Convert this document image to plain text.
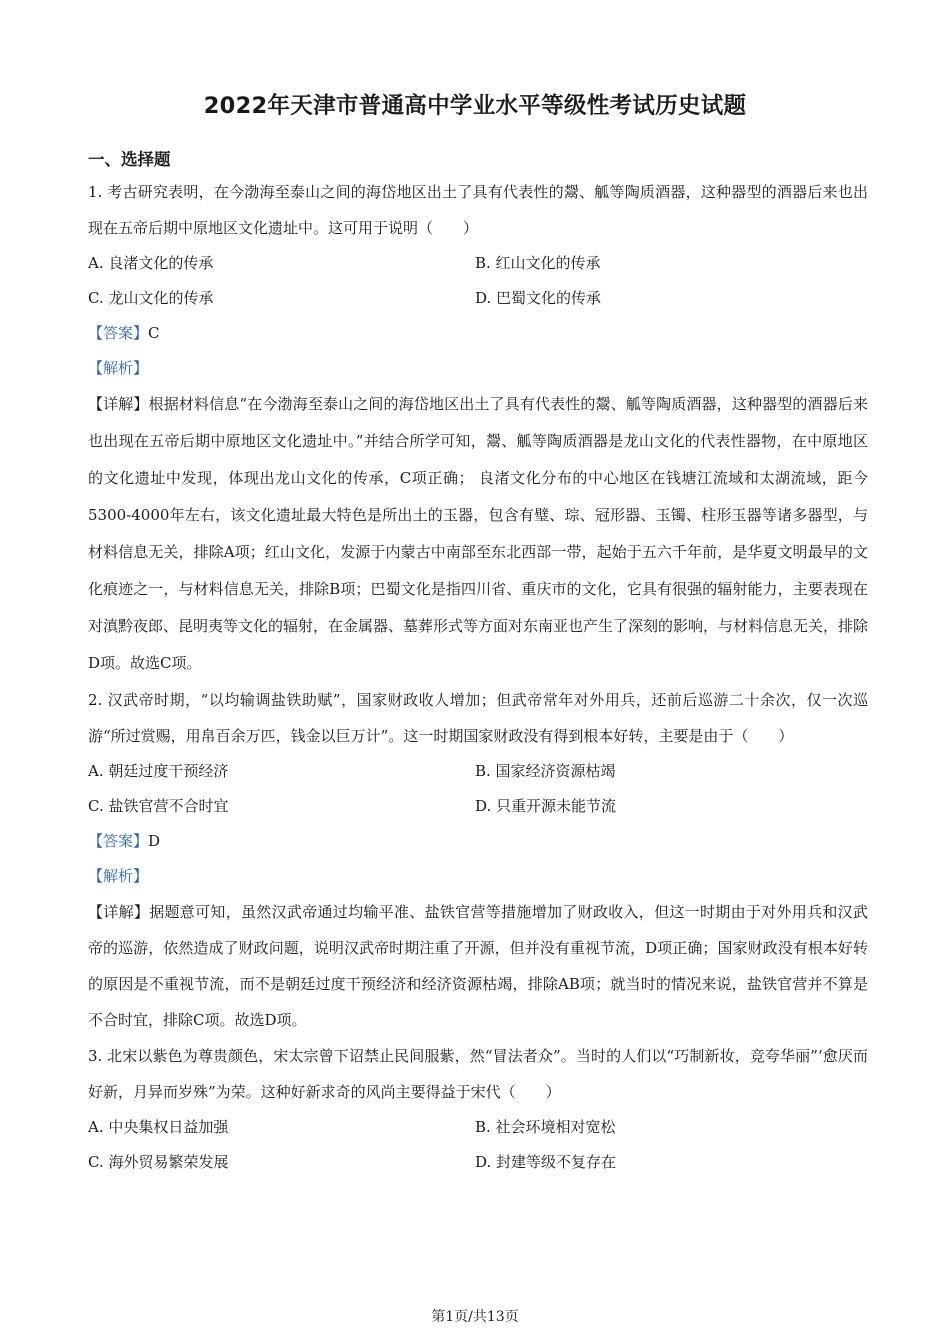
2022年天津市普通高中学业水平等级性考试历史试题
一、选择题

1. 考古研究表明，在今渤海至泰山之间的海岱地区出土了具有代表性的鬶、觚等陶质酒器，这种器型的酒器后来也出现在五帝后期中原地区文化遗址中。这可用于说明（　　）

A. 良渚文化的传承	B. 红山文化的传承
C. 龙山文化的传承	D. 巴蜀文化的传承
【答案】C
【解析】

【详解】根据材料信息“在今渤海至泰山之间的海岱地区出土了具有代表性的鬶、觚等陶质酒器，这种器型的酒器后来也出现在五帝后期中原地区文化遗址中。”并结合所学可知，鬶、觚等陶质酒器是龙山文化的代表性器物，在中原地区的文化遗址中发现，体现出龙山文化的传承，C项正确； 良渚文化分布的中心地区在钱塘江流域和太湖流域，距今5300-4000年左右，该文化遗址最大特色是所出土的玉器，包含有璧、琮、冠形器、玉镯、柱形玉器等诸多器型，与材料信息无关，排除A项；红山文化，发源于内蒙古中南部至东北西部一带，起始于五六千年前，是华夏文明最早的文化痕迹之一，与材料信息无关，排除B项；巴蜀文化是指四川省、重庆市的文化，它具有很强的辐射能力，主要表现在对滇黔夜郎、昆明夷等文化的辐射，在金属器、墓葬形式等方面对东南亚也产生了深刻的影响，与材料信息无关，排除D项。故选C项。

2. 汉武帝时期，“以均输调盐铁助赋”，国家财政收人增加；但武帝常年对外用兵，还前后巡游二十余次，仅一次巡游“所过赏赐，用帛百余万匹，钱金以巨万计”。这一时期国家财政没有得到根本好转，主要是由于（　　）

A. 朝廷过度干预经济	B. 国家经济资源枯竭
C. 盐铁官营不合时宜	D. 只重开源未能节流
【答案】D
【解析】

【详解】据题意可知，虽然汉武帝通过均输平准、盐铁官营等措施增加了财政收入，但这一时期由于对外用兵和汉武帝的巡游，依然造成了财政问题，说明汉武帝时期注重了开源，但并没有重视节流，D项正确；国家财政没有根本好转的原因是不重视节流，而不是朝廷过度干预经济和经济资源枯竭，排除AB项；就当时的情况来说，盐铁官营并不算是不合时宜，排除C项。故选D项。

3. 北宋以紫色为尊贵颜色，宋太宗曾下诏禁止民间服紫，然“冒法者众”。当时的人们以“巧制新妆，竞夸华丽”‘愈厌而好新，月异而岁殊”为荣。这种好新求奇的风尚主要得益于宋代（　　）

A. 中央集权日益加强	B. 社会环境相对宽松
C. 海外贸易繁荣发展	D. 封建等级不复存在
第1页/共13页
